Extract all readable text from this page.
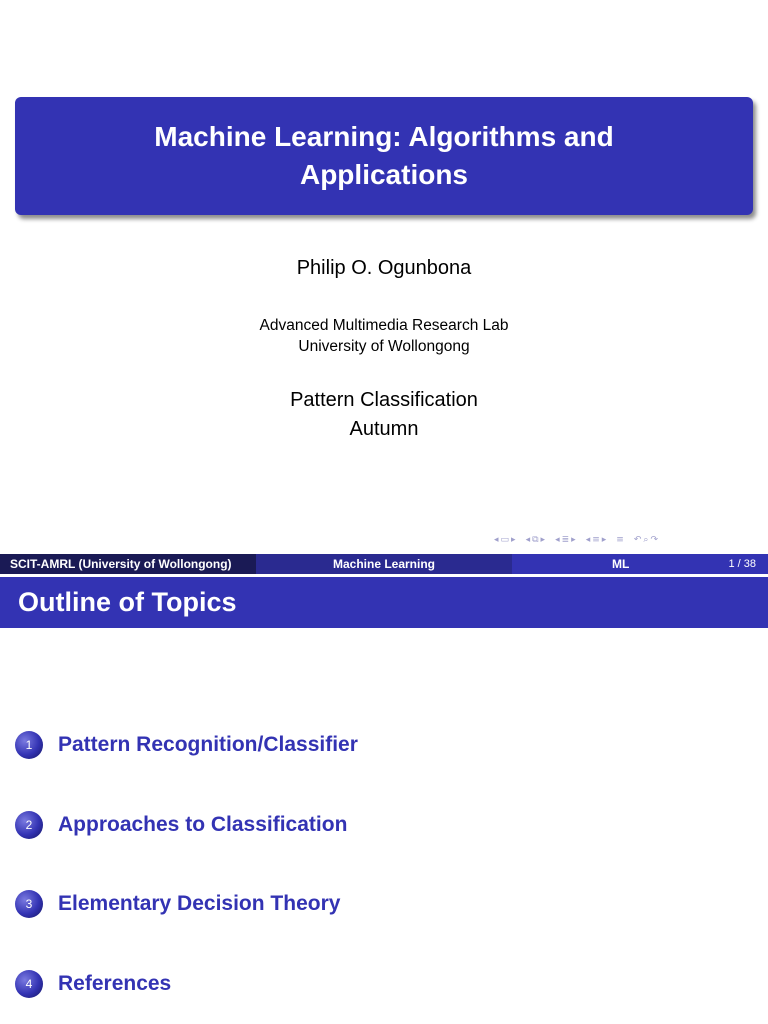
Machine Learning: Algorithms and Applications
Philip O. Ogunbona
Advanced Multimedia Research Lab
University of Wollongong
Pattern Classification
Autumn
◂ ▭ ▸ ◂ ⧉ ▸ ◂ ≣ ▸ ◂ ≡ ▸ ≡ ↶ ⌕ ↷
SCIT-AMRL (University of Wollongong)	Machine Learning	ML	1 / 38
Outline of Topics
1	Pattern Recognition/Classifier
2	Approaches to Classification
3	Elementary Decision Theory
4	References
